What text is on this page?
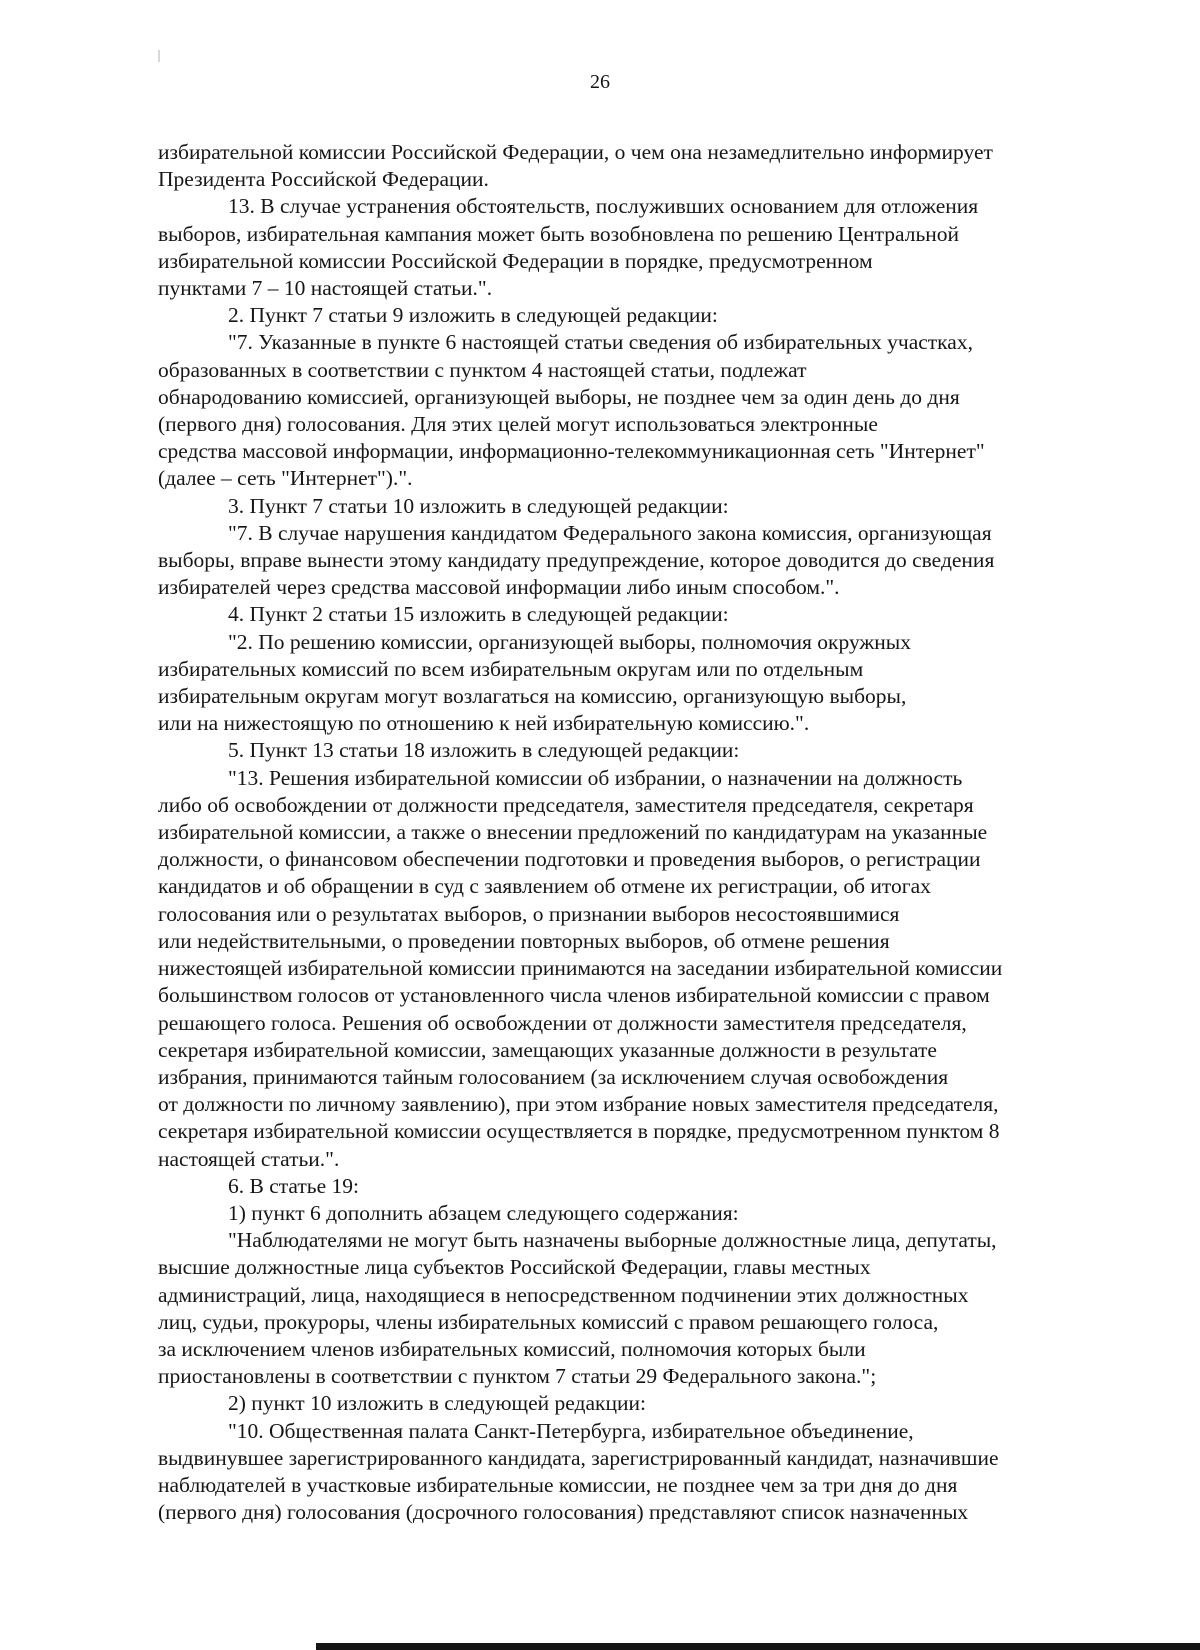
26

избирательной комиссии Российской Федерации, о чем она незамедлительно информирует
Президента Российской Федерации.

13. В случае устранения обстоятельств, послуживших основанием для отложения
выборов, избирательная кампания может быть возобновлена по решению Центральной
избирательной комиссии Российской Федерации в порядке, предусмотренном
пунктами 7 – 10 настоящей статьи.".

2. Пункт 7 статьи 9 изложить в следующей редакции:

"7. Указанные в пункте 6 настоящей статьи сведения об избирательных участках,
образованных в соответствии с пунктом 4 настоящей статьи, подлежат
обнародованию комиссией, организующей выборы, не позднее чем за один день до дня
(первого дня) голосования. Для этих целей могут использоваться электронные
средства массовой информации, информационно-телекоммуникационная сеть "Интернет"
(далее – сеть "Интернет").".

3. Пункт 7 статьи 10 изложить в следующей редакции:

"7. В случае нарушения кандидатом Федерального закона комиссия, организующая
выборы, вправе вынести этому кандидату предупреждение, которое доводится до сведения
избирателей через средства массовой информации либо иным способом.".

4. Пункт 2 статьи 15 изложить в следующей редакции:

"2. По решению комиссии, организующей выборы, полномочия окружных
избирательных комиссий по всем избирательным округам или по отдельным
избирательным округам могут возлагаться на комиссию, организующую выборы,
или на нижестоящую по отношению к ней избирательную комиссию.".

5. Пункт 13 статьи 18 изложить в следующей редакции:

"13. Решения избирательной комиссии об избрании, о назначении на должность
либо об освобождении от должности председателя, заместителя председателя, секретаря
избирательной комиссии, а также о внесении предложений по кандидатурам на указанные
должности, о финансовом обеспечении подготовки и проведения выборов, о регистрации
кандидатов и об обращении в суд с заявлением об отмене их регистрации, об итогах
голосования или о результатах выборов, о признании выборов несостоявшимися
или недействительными, о проведении повторных выборов, об отмене решения
нижестоящей избирательной комиссии принимаются на заседании избирательной комиссии
большинством голосов от установленного числа членов избирательной комиссии с правом
решающего голоса. Решения об освобождении от должности заместителя председателя,
секретаря избирательной комиссии, замещающих указанные должности в результате
избрания, принимаются тайным голосованием (за исключением случая освобождения
от должности по личному заявлению), при этом избрание новых заместителя председателя,
секретаря избирательной комиссии осуществляется в порядке, предусмотренном пунктом 8
настоящей статьи.".

6. В статье 19:

1) пункт 6 дополнить абзацем следующего содержания:

"Наблюдателями не могут быть назначены выборные должностные лица, депутаты,
высшие должностные лица субъектов Российской Федерации, главы местных
администраций, лица, находящиеся в непосредственном подчинении этих должностных
лиц, судьи, прокуроры, члены избирательных комиссий с правом решающего голоса,
за исключением членов избирательных комиссий, полномочия которых были
приостановлены в соответствии с пунктом 7 статьи 29 Федерального закона.";

2) пункт 10 изложить в следующей редакции:

"10. Общественная палата Санкт-Петербурга, избирательное объединение,
выдвинувшее зарегистрированного кандидата, зарегистрированный кандидат, назначившие
наблюдателей в участковые избирательные комиссии, не позднее чем за три дня до дня
(первого дня) голосования (досрочного голосования) представляют список назначенных
